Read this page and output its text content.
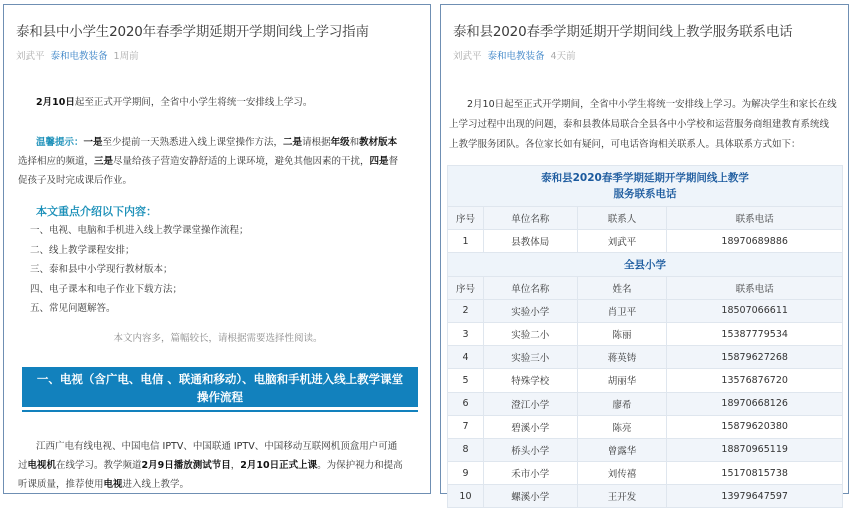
泰和县中小学生2020年春季学期延期开学期间线上学习指南
刘武平 泰和电教装备 1周前
2月10日起至正式开学期间，全省中小学生将统一安排线上学习。
温馨提示：一是至少提前一天熟悉进入线上课堂操作方法，二是请根据年级和教材版本
选择相应的频道，三是尽量给孩子营造安静舒适的上课环境，避免其他因素的干扰，四是督
促孩子及时完成课后作业。
本文重点介绍以下内容：
一、电视、电脑和手机进入线上教学课堂操作流程；
二、线上教学课程安排；
三、泰和县中小学现行教材版本；
四、电子课本和电子作业下载方法；
五、常见问题解答。
本文内容多，篇幅较长，请根据需要选择性阅读。
一、电视（含广电、电信 、联通和移动）、电脑和手机进入线上教学课堂
操作流程
江西广电有线电视、中国电信 IPTV、中国联通 IPTV、中国移动互联网机顶盒用户可通
过电视机在线学习。教学频道2月9日播放测试节目，2月10日正式上课。为保护视力和提高
听课质量，推荐使用电视进入线上教学。
泰和县2020春季学期延期开学期间线上教学服务联系电话
刘武平 泰和电教装备 4天前
2月10日起至正式开学期间，全省中小学生将统一安排线上学习。为解决学生和家长在线
上学习过程中出现的问题，泰和县教体局联合全县各中小学校和运营服务商组建教育系统线
上教学服务团队。各位家长如有疑问，可电话咨询相关联系人。具体联系方式如下：
泰和县2020春季学期延期开学期间线上教学
服务联系电话			

序号	单位名称	联系人	联系电话
1	县教体局	刘武平	18970689886
全县小学			
序号	单位名称	姓名	联系电话
2	实验小学	肖卫平	18507066611
3	实验二小	陈丽	15387779534
4	实验三小	蒋英铸	15879627268
5	特殊学校	胡丽华	13576876720
6	澄江小学	廖希	18970668126
7	碧溪小学	陈亮	15879620380
8	桥头小学	曾露华	18870965119
9	禾市小学	刘传禧	15170815738
10	螺溪小学	王开发	13979647597
